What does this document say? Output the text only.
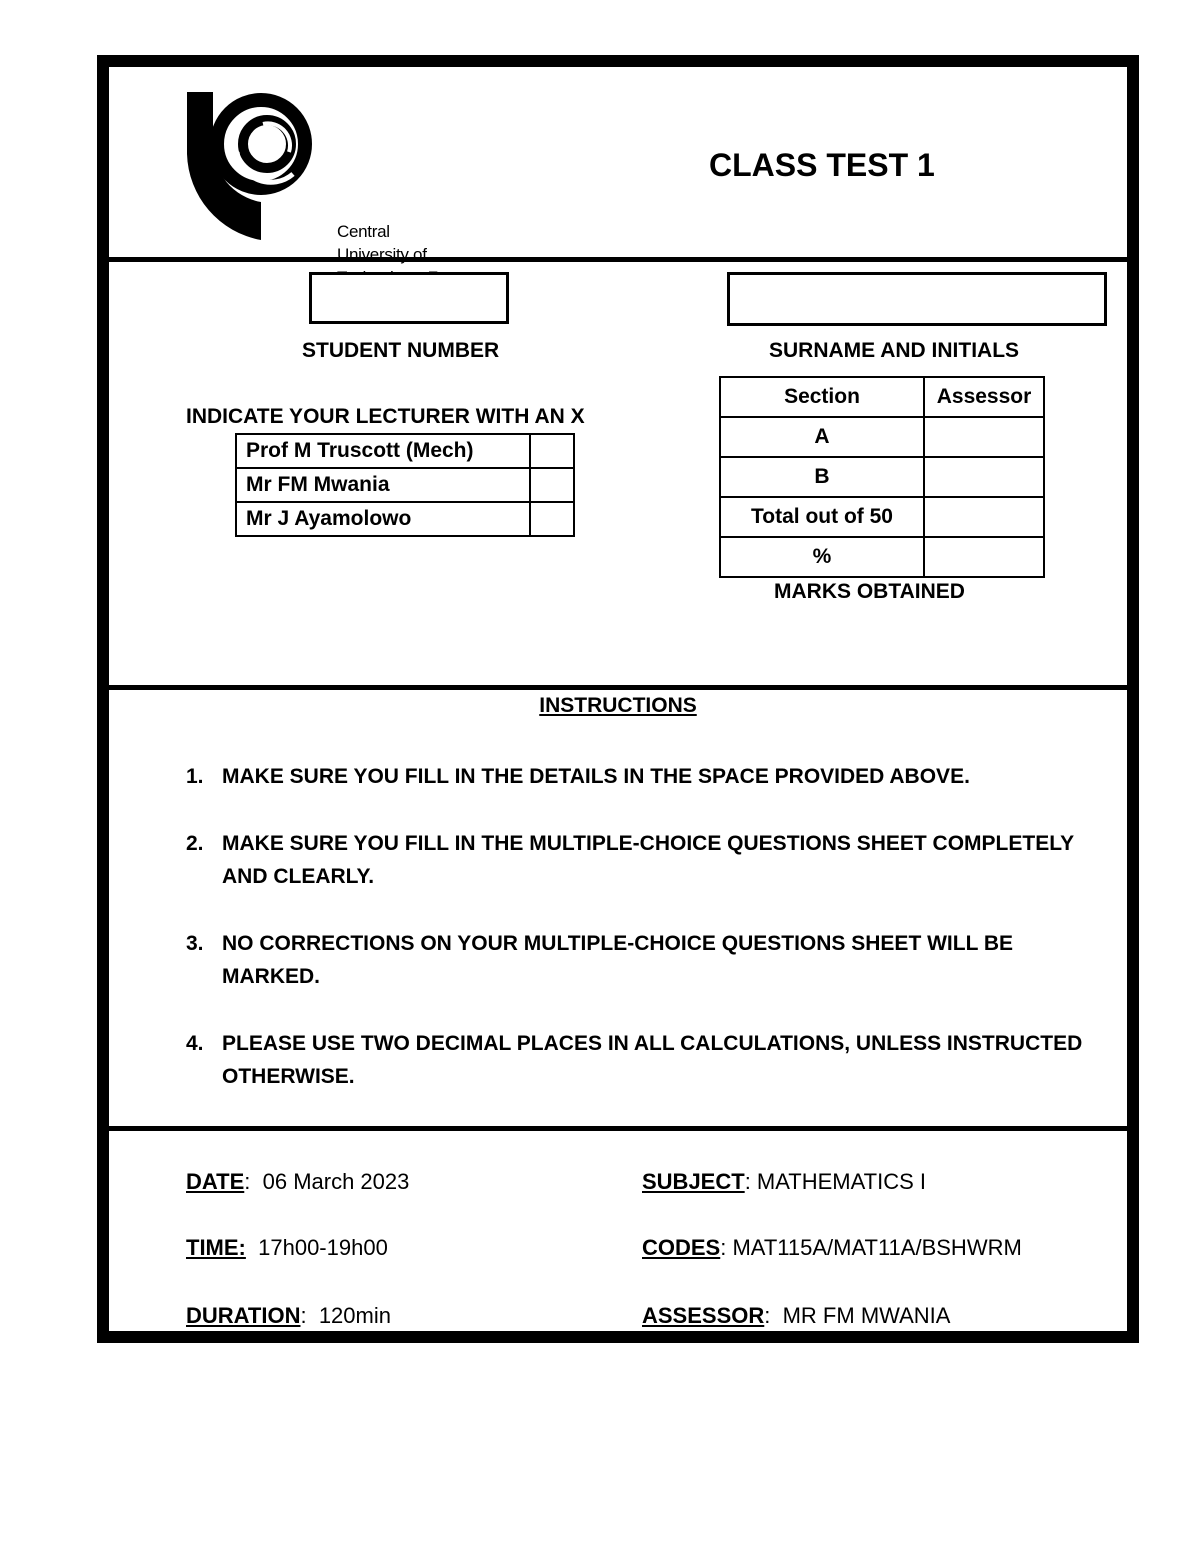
Central University of
CLASS TEST 1
STUDENT NUMBER	SURNAME AND INITIALS
INDICATE YOUR LECTURER WITH AN X
Prof M Truscott (Mech)	
Mr FM Mwania	
Mr J Ayamolowo	
Section	Assessor
A	
B	
Total out of 50	
%	
MARKS OBTAINED
INSTRUCTIONS
1. MAKE SURE YOU FILL IN THE DETAILS IN THE SPACE PROVIDED ABOVE.
2. MAKE SURE YOU FILL IN THE MULTIPLE-CHOICE QUESTIONS SHEET COMPLETELY AND CLEARLY.
3. NO CORRECTIONS ON YOUR MULTIPLE-CHOICE QUESTIONS SHEET WILL BE MARKED.
4. PLEASE USE TWO DECIMAL PLACES IN ALL CALCULATIONS, UNLESS INSTRUCTED OTHERWISE.
DATE:  06 March 2023
TIME: 17h00-19h00
DURATION:  120min
SUBJECT: MATHEMATICS I
CODES: MAT115A/MAT11A/BSHWRM
ASSESSOR:  MR FM MWANIA
